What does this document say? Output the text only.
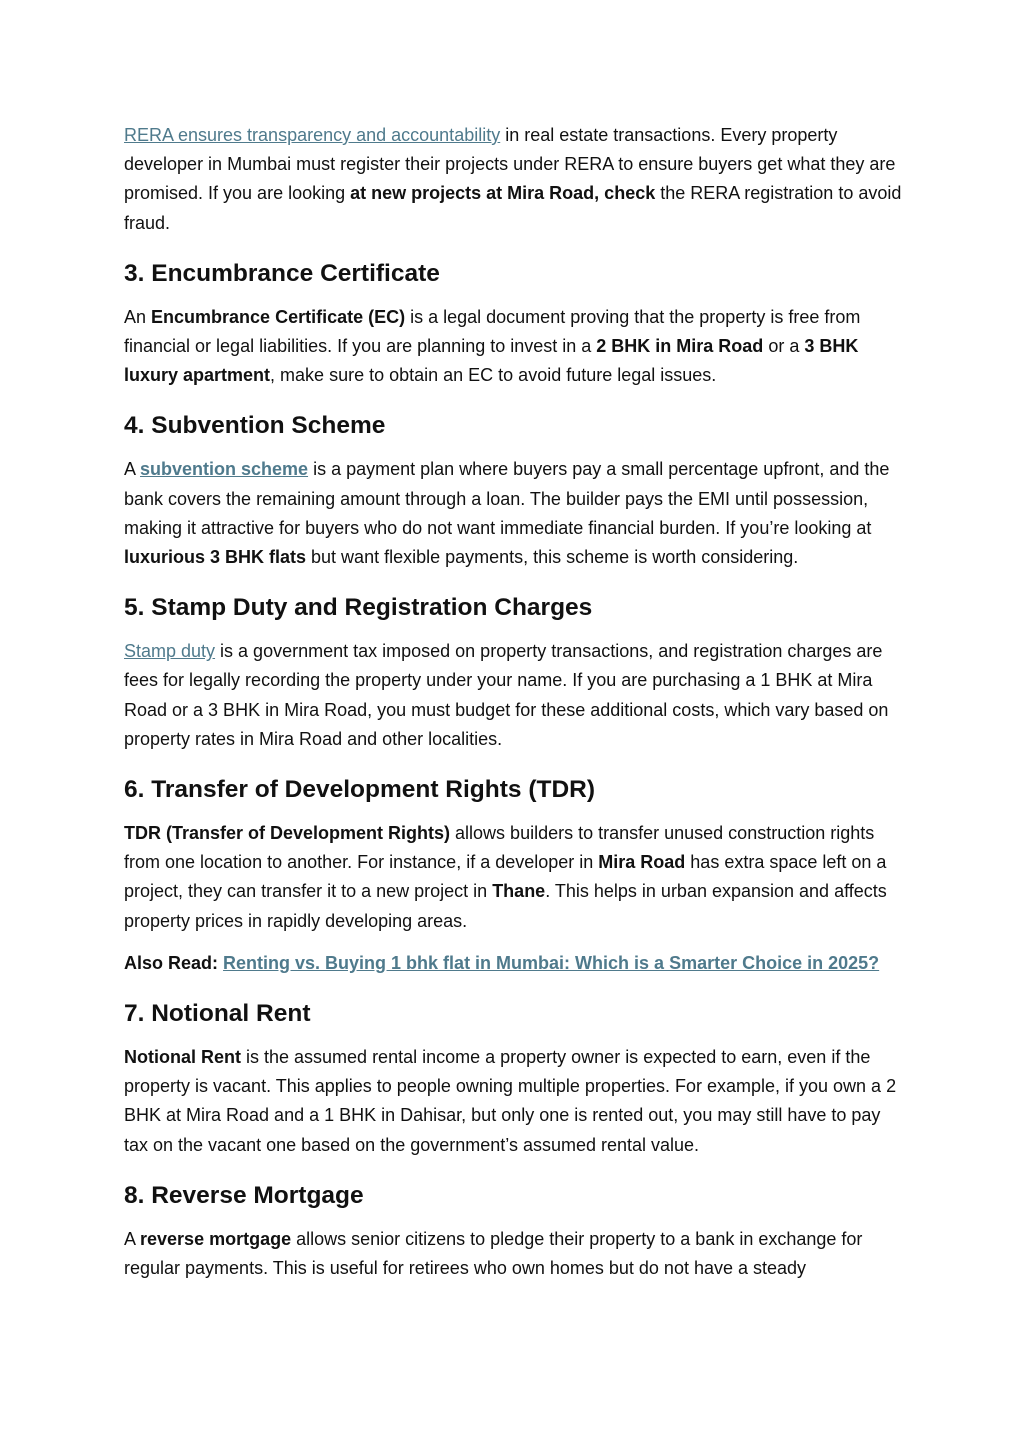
RERA ensures transparency and accountability in real estate transactions. Every property developer in Mumbai must register their projects under RERA to ensure buyers get what they are promised. If you are looking at new projects at Mira Road, check the RERA registration to avoid fraud.

3. Encumbrance Certificate

An Encumbrance Certificate (EC) is a legal document proving that the property is free from financial or legal liabilities. If you are planning to invest in a 2 BHK in Mira Road or a 3 BHK luxury apartment, make sure to obtain an EC to avoid future legal issues.

4. Subvention Scheme

A subvention scheme is a payment plan where buyers pay a small percentage upfront, and the bank covers the remaining amount through a loan. The builder pays the EMI until possession, making it attractive for buyers who do not want immediate financial burden. If you’re looking at luxurious 3 BHK flats but want flexible payments, this scheme is worth considering.

5. Stamp Duty and Registration Charges

Stamp duty is a government tax imposed on property transactions, and registration charges are fees for legally recording the property under your name. If you are purchasing a 1 BHK at Mira Road or a 3 BHK in Mira Road, you must budget for these additional costs, which vary based on property rates in Mira Road and other localities.

6. Transfer of Development Rights (TDR)

TDR (Transfer of Development Rights) allows builders to transfer unused construction rights from one location to another. For instance, if a developer in Mira Road has extra space left on a project, they can transfer it to a new project in Thane. This helps in urban expansion and affects property prices in rapidly developing areas.

Also Read: Renting vs. Buying 1 bhk flat in Mumbai: Which is a Smarter Choice in 2025?

7. Notional Rent

Notional Rent is the assumed rental income a property owner is expected to earn, even if the property is vacant. This applies to people owning multiple properties. For example, if you own a 2 BHK at Mira Road and a 1 BHK in Dahisar, but only one is rented out, you may still have to pay tax on the vacant one based on the government’s assumed rental value.

8. Reverse Mortgage

A reverse mortgage allows senior citizens to pledge their property to a bank in exchange for regular payments. This is useful for retirees who own homes but do not have a steady
